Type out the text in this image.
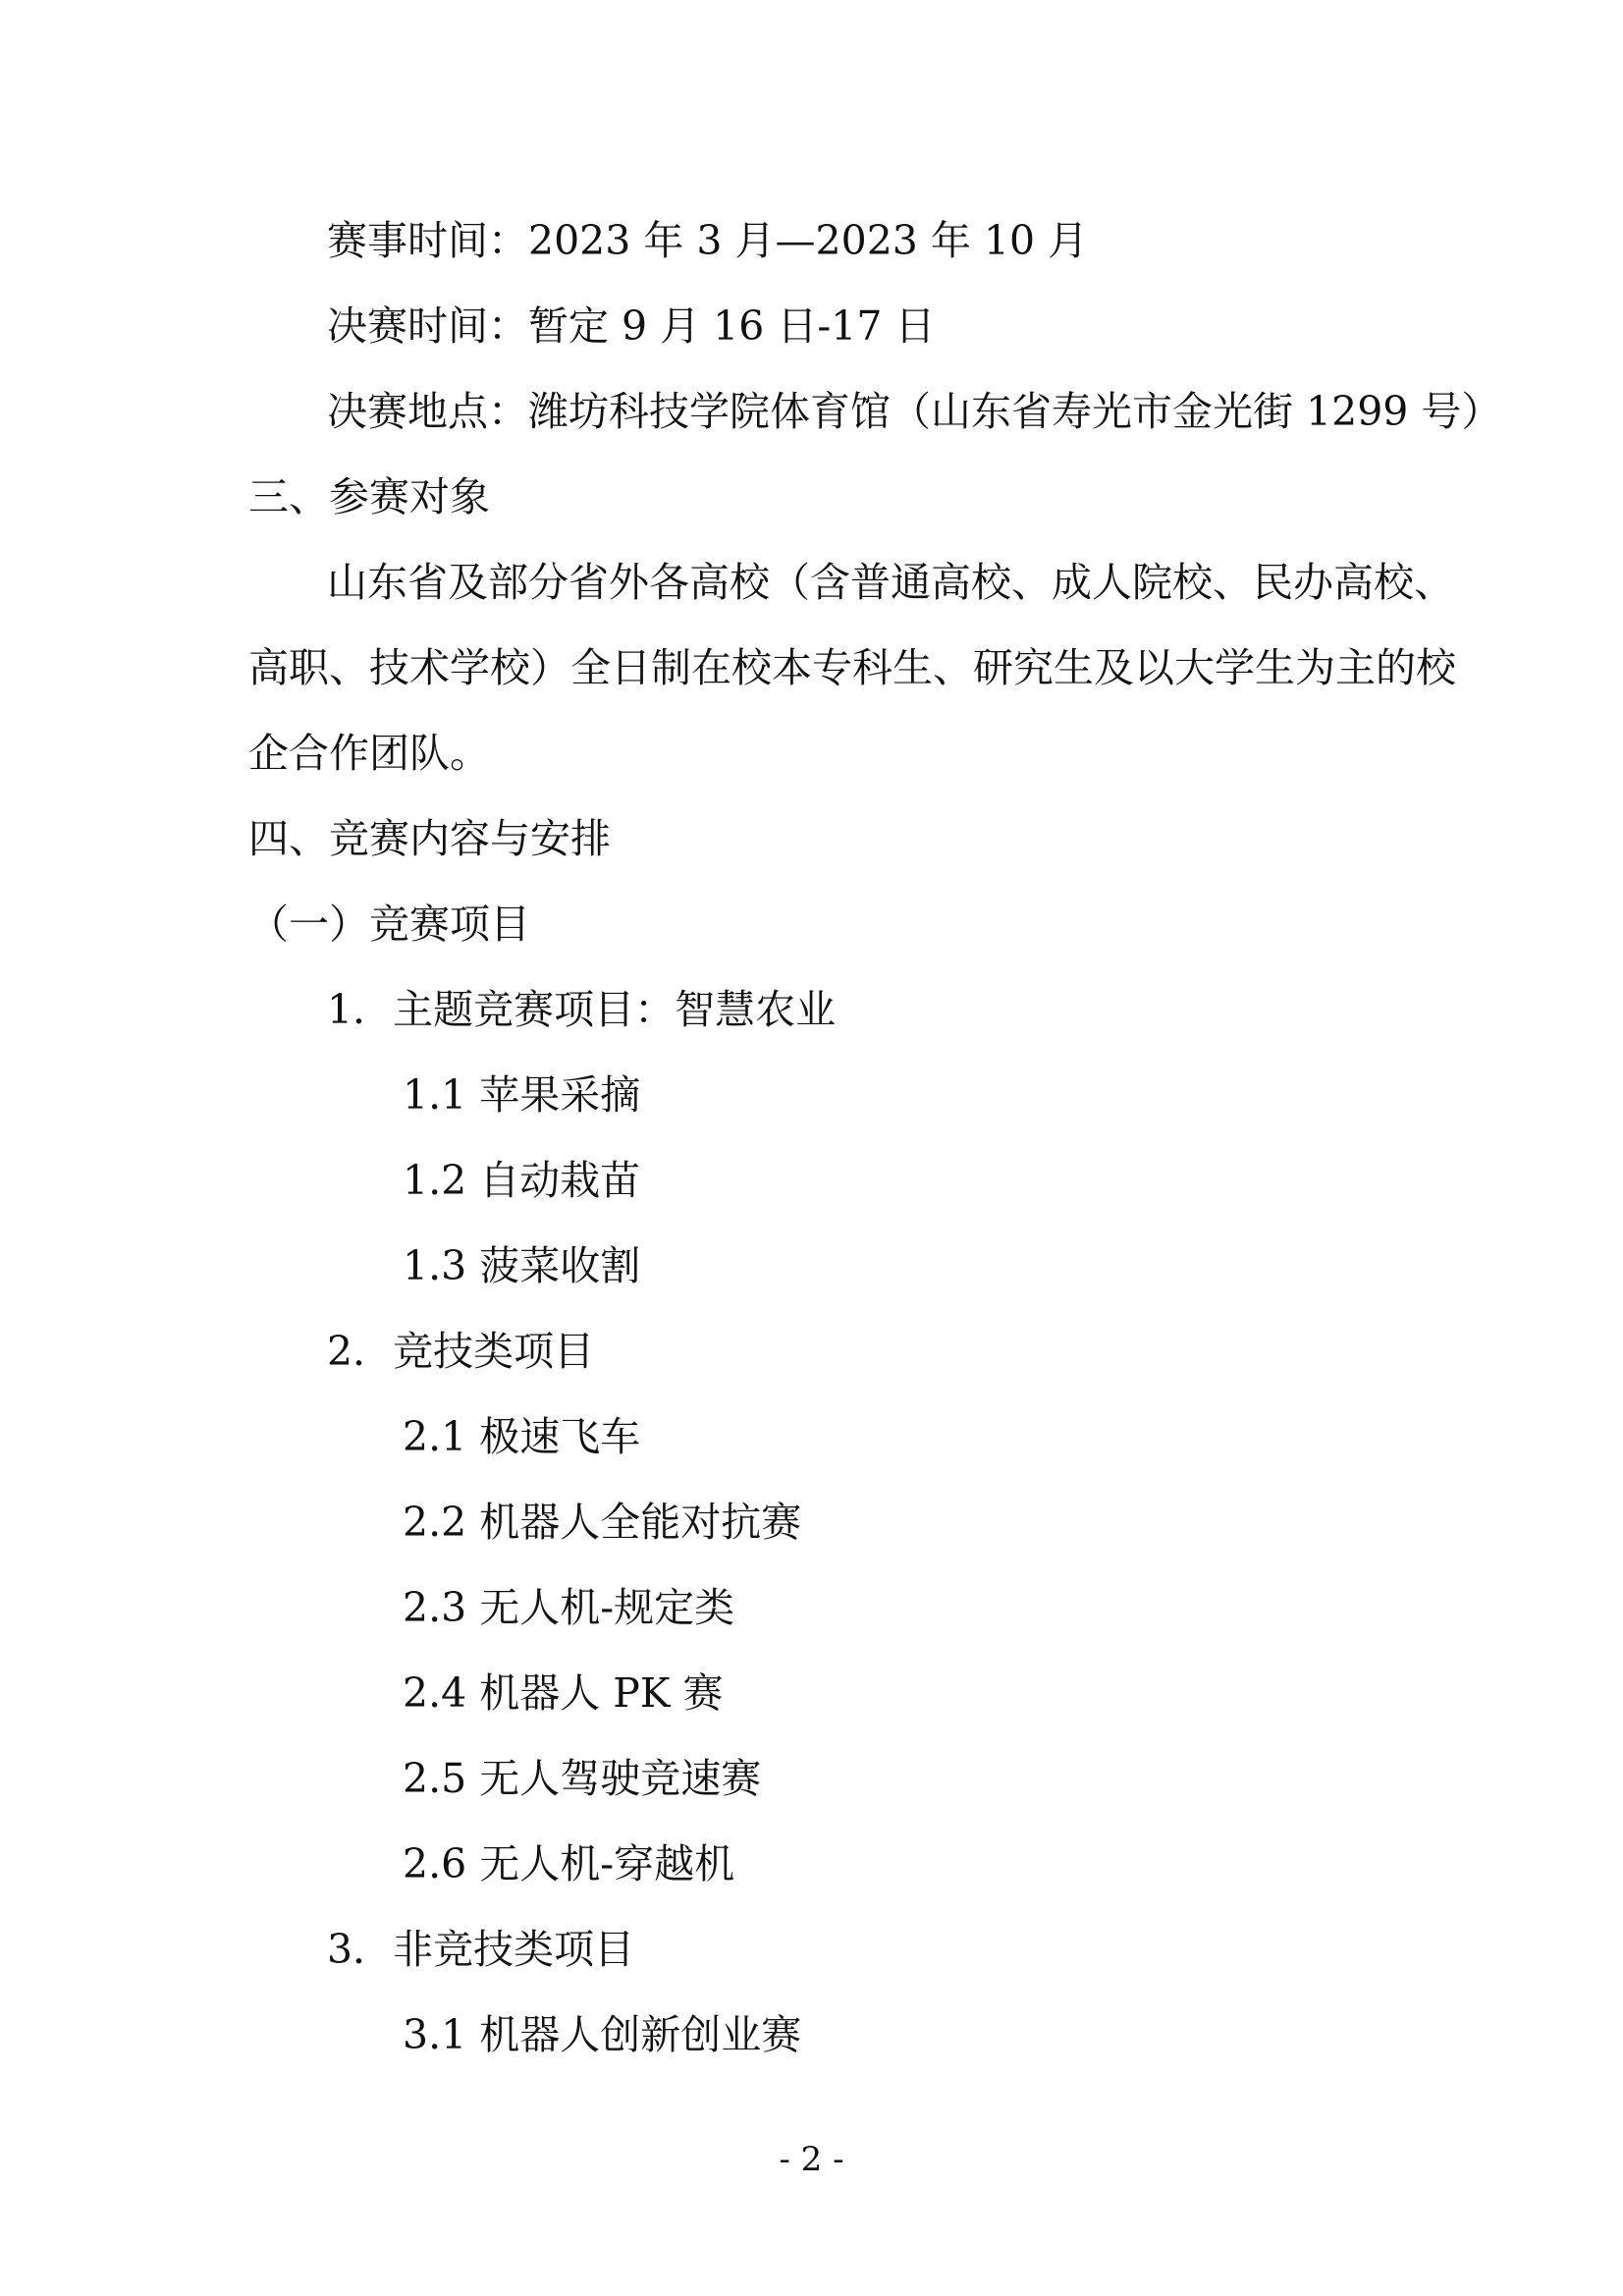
赛事时间：2023 年 3 月—2023 年 10 月
决赛时间：暂定 9 月 16 日-17 日
决赛地点：潍坊科技学院体育馆（山东省寿光市金光街 1299 号）
三、参赛对象
山东省及部分省外各高校（含普通高校、成人院校、民办高校、
高职、技术学校）全日制在校本专科生、研究生及以大学生为主的校
企合作团队。
四、竞赛内容与安排
（一）竞赛项目
1．主题竞赛项目：智慧农业
1.1 苹果采摘
1.2 自动栽苗
1.3 菠菜收割
2．竞技类项目
2.1 极速飞车
2.2 机器人全能对抗赛
2.3 无人机-规定类
2.4 机器人 PK 赛
2.5 无人驾驶竞速赛
2.6 无人机-穿越机
3．非竞技类项目
3.1 机器人创新创业赛
- 2 -
